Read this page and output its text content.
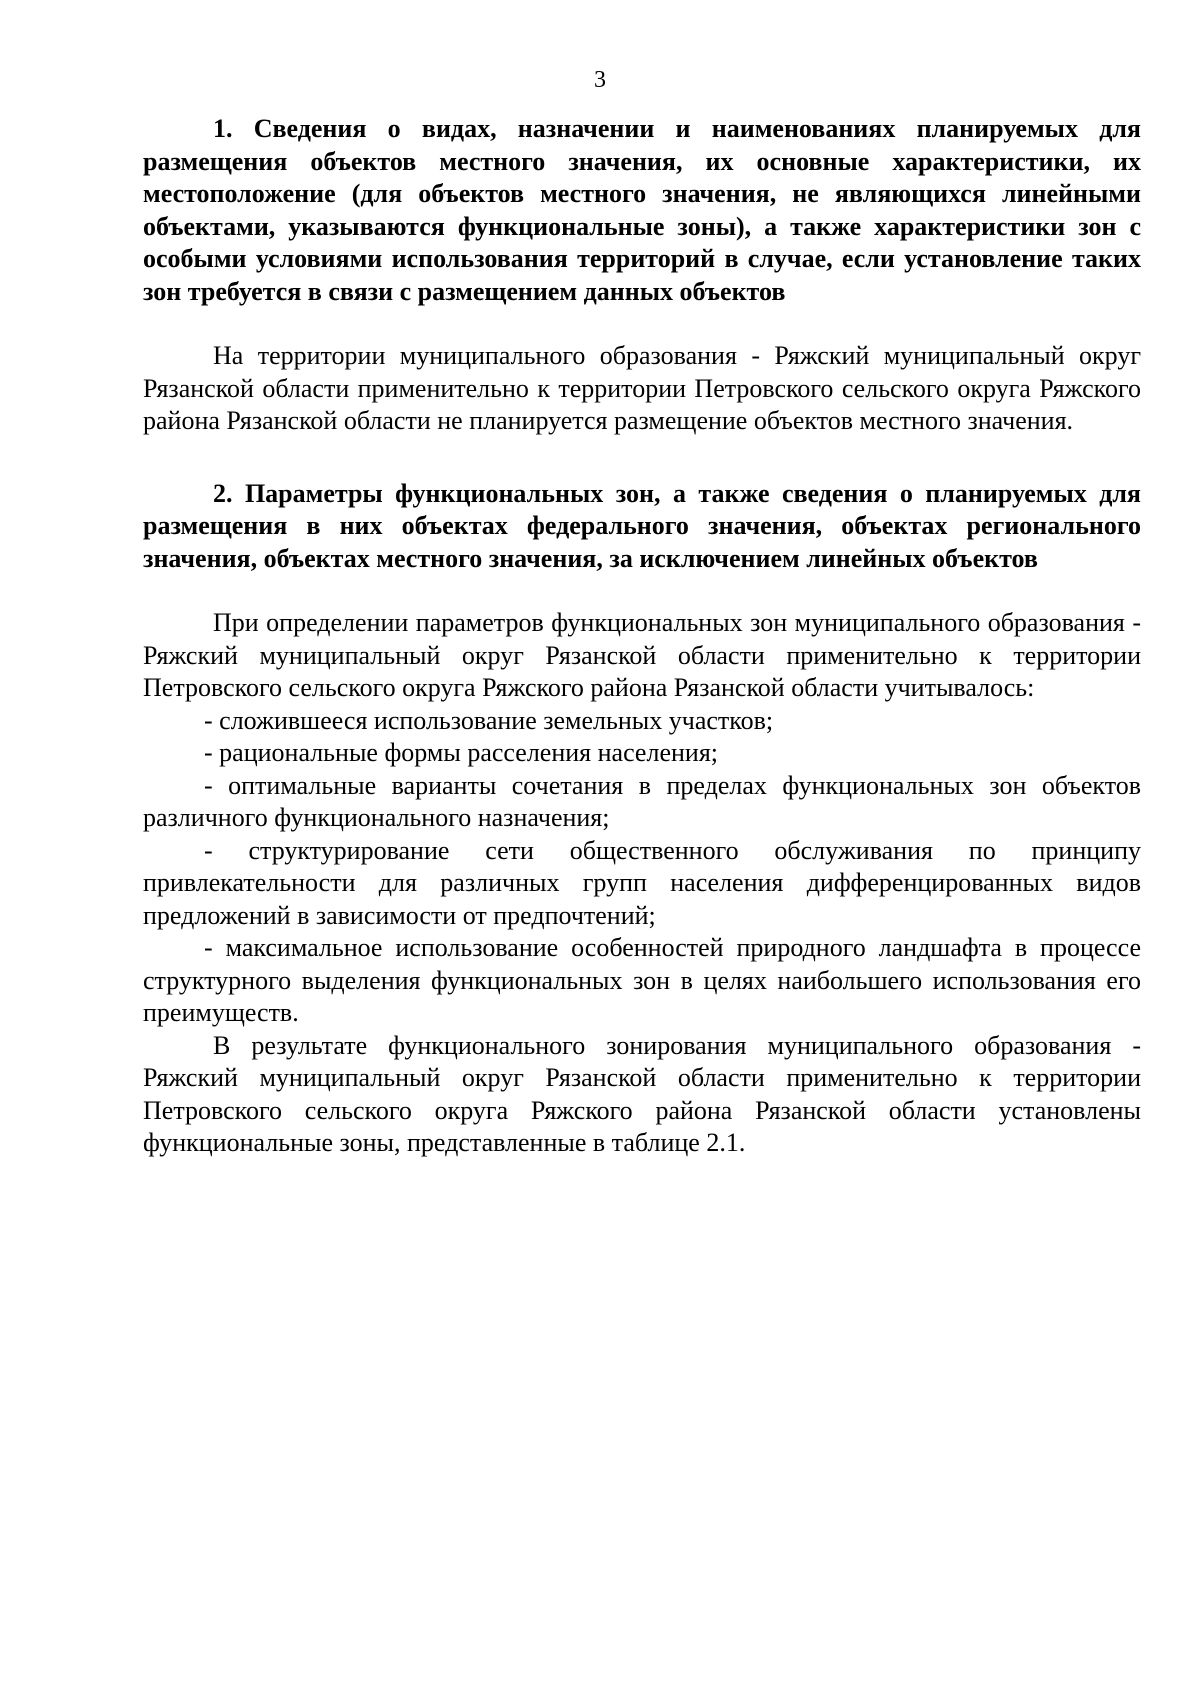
3

1. Сведения о видах, назначении и наименованиях планируемых для размещения объектов местного значения, их основные характеристики, их местоположение (для объектов местного значения, не являющихся линейными объектами, указываются функциональные зоны), а также характеристики зон с особыми условиями использования территорий в случае, если установление таких зон требуется в связи с размещением данных объектов

На территории муниципального образования - Ряжский муниципальный округ Рязанской области применительно к территории Петровского сельского округа Ряжского района Рязанской области не планируется размещение объектов местного значения.

2. Параметры функциональных зон, а также сведения о планируемых для размещения в них объектах федерального значения, объектах регионального значения, объектах местного значения, за исключением линейных объектов

При определении параметров функциональных зон муниципального образования - Ряжский муниципальный округ Рязанской области применительно к территории Петровского сельского округа Ряжского района Рязанской области учитывалось:

- сложившееся использование земельных участков;

- рациональные формы расселения населения;

- оптимальные варианты сочетания в пределах функциональных зон объектов различного функционального назначения;

- структурирование сети общественного обслуживания по принципу привлекательности для различных групп населения дифференцированных видов предложений в зависимости от предпочтений;

- максимальное использование особенностей природного ландшафта в процессе структурного выделения функциональных зон в целях наибольшего использования его преимуществ.

В результате функционального зонирования муниципального образования - Ряжский муниципальный округ Рязанской области применительно к территории Петровского сельского округа Ряжского района Рязанской области установлены функциональные зоны, представленные в таблице 2.1.
